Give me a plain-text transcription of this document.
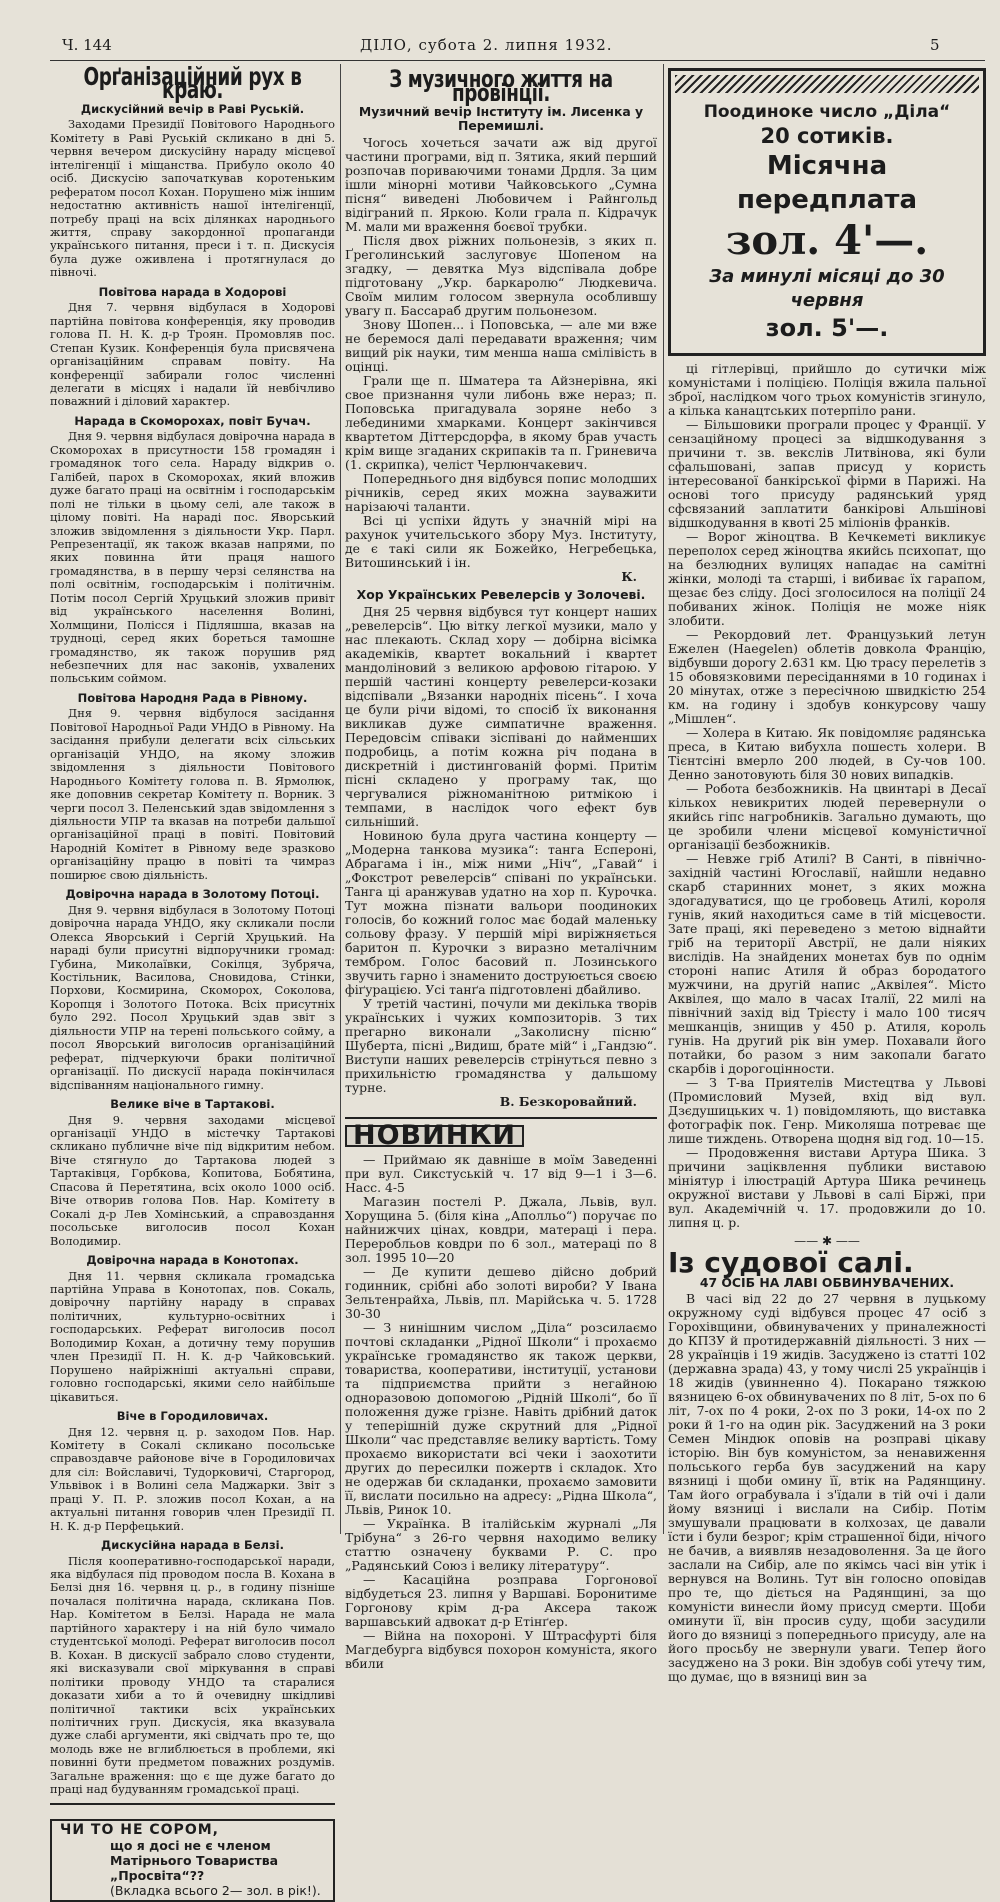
Ч. 144	ДІЛО, субота 2. липня 1932.	5
Орґанізаційний рух в краю.
Дискусійний вечір в Раві Руській.

Заходами Президії Повітового Народнього Комітету в Раві Руській скликано в дні 5. червня вечером дискусійну нараду місцевої інтелігенції і міщанства. Прибуло около 40 осіб. Дискусію започаткував коротеньким рефератом посол Кохан. Порушено між іншим недостатню активність нашої інтелігенції, потребу праці на всіх ділянках народнього життя, справу закордонної пропаганди українського питання, преси і т. п. Дискусія була дуже оживлена і протягнулася до півночі.

Повітова нарада в Ходорові

Дня 7. червня відбулася в Ходорові партійна повітова конференція, яку проводив голова П. Н. К. д-р Троян. Промовляв пос. Степан Кузик. Конференція була присвячена організаційним справам повіту. На конференції забирали голос численні делегати в місцях і надали їй невбічливо поважний і діловий характер.

Нарада в Скоморохах, повіт Бучач.

Дня 9. червня відбулася довірочна нарада в Скоморохах в присутности 158 громадян і громадянок того села. Нараду відкрив о. Галібей, парох в Скоморохах, який вложив дуже багато праці на освітнім і господарськім полі не тільки в цьому селі, але також в цілому повіті. На нараді пос. Яворський зложив звідомлення з діяльности Укр. Парл. Репрезентації, як також вказав напрями, по яких повинна йти праця нашого громадянства, в в першу черзі селянства на полі освітнім, господарськім і політичнім. Потім посол Сергій Хруцький зложив привіт від українського населення Волині, Холмщини, Полісся і Підляшша, вказав на трудноці, серед яких бореться тамошне громадянство, як також порушив ряд небезпечних для нас законів, ухвалених польським соймом.

Повітова Народня Рада в Рівному.

Дня 9. червня відбулося засідання Повітової Народньої Ради УНДО в Рівному. На засідання прибули делегати всіх сільських організацій УНДО, на якому зложив звідомлення з діяльности Повітового Народнього Комітету голова п. В. Ярмолюк, яке доповнив секретар Комітету п. Ворник. З черги посол З. Пеленський здав звідомлення з діяльности УПР та вказав на потреби дальшої організаційної праці в повіті. Повітовий Народній Комітет в Рівному веде зразково організаційну працю в повіті та чимраз поширює свою діяльність.

Довірочна нарада в Золотому Потоці.

Дня 9. червня відбулася в Золотому Потоці довірочна нарада УНДО, яку скликали посли Олекса Яворський і Сергій Хруцький. На нараді були присутні відпоручники громад: Губина, Миколаївки, Сокілця, Зубряча, Костільник, Василова, Сновидова, Стінки, Порхови, Космирина, Скоморох, Соколова, Коропця і Золотого Потока. Всіх присутніх було 292. Посол Хруцький здав звіт з діяльности УПР на терені польського сойму, а посол Яворський виголосив організаційний реферат, підчеркуючи браки політичної організації. По дискусії нарада покінчилася відспіванням національного гимну.

Велике віче в Тартакові.

Дня 9. червня заходами місцевої організації УНДО в містечку Тартакові скликано публичне віче під відкритим небом. Віче стягнуло до Тартакова людей з Тартаківця, Горбкова, Копитова, Бобятина, Спасова й Перетятина, всіх около 1000 осіб. Віче отворив голова Пов. Нар. Комітету в Сокалі д-р Лев Хомінський, а справоздання посольське виголосив посол Кохан Володимир.

Довірочна нарада в Конотопах.

Дня 11. червня скликала громадська партійна Управа в Конотопах, пов. Сокаль, довірочну партійну нараду в справах політичних, культурно-освітних і господарських. Реферат виголосив посол Володимир Кохан, а дотичну тему порушив член Президії П. Н. К. д-р Чайковський. Порушено найріжніші актуальні справи, головно господарські, якими село найбільше цікавиться.

Віче в Городиловичах.

Дня 12. червня ц. р. заходом Пов. Нар. Комітету в Сокалі скликано посольське справоздавче районове віче в Городиловичах для сіл: Войславичі, Тудорковичі, Старгород, Ульвівок і в Волині села Маджарки. Звіт з праці У. П. Р. зложив посол Кохан, а на актуальні питання говорив член Президії П. Н. К. д-р Перфецький.

Дискусійна нарада в Белзі.

Після кооперативно-господарської наради, яка відбулася під проводом посла В. Кохана в Белзі дня 16. червня ц. р., в годину пізніше почалася політична нарада, скликана Пов. Нар. Комітетом в Белзі. Нарада не мала партійного характеру і на ній було чимало студентської молоді. Реферат виголосив посол В. Кохан. В дискусії забрало слово студенти, які висказували свої міркування в справі політики проводу УНДО та старалися доказати хиби а то й очевидну шкідливі політичної тактики всіх українських політичних груп. Дискусія, яка вказувала дуже слабі аргументи, які свідчать про те, що молодь вже не вглиблюється в проблеми, які повинні бути предметом поважних роздумів. Загальне враження: що є ще дуже багато до праці над будуванням громадської праці.

ЧИ ТО НЕ СОРОМ,
що я досі не є членом Матірнього Товариства „Просвіта“??
(Вкладка всього 2— зол. в рік!).
З музичного життя на провінції.
Музичний вечір Інституту ім. Лисенка у Перемишлі.

Чогось хочеться зачати аж від другої частини програми, від п. Зятика, який перший розпочав пориваючими тонами Дрдля. За цим ішли мінорні мотиви Чайковського „Сумна пісня“ виведені Любовичем і Райнгольд відіграний п. Яркою. Коли грала п. Кідрачук М. мали ми враження боєвої трубки.

Після двох ріжних польонезів, з яких п. Ґреголинський заслуговує Шопеном на згадку, — девятка Муз відспівала добре підготовану „Укр. баркаролю“ Людкевича. Своїм милим голосом звернула особлившу увагу п. Бассараб другим польонезом.

Знову Шопен... і Поповська, — але ми вже не беремося далі передавати враження; чим вищий рік науки, тим менша наша смілівість в оцінці.

Грали ще п. Шматера та Айзнерівна, які свое признання чули либонь вже нераз; п. Поповська пригадувала зоряне небо з лебединими хмарками. Концерт закінчився квартетом Діттерсдорфа, в якому брав участь крім вище згаданих скрипаків та п. Гриневича (1. скрипка), челіст Черлюнчакевич.

Попереднього дня відбувся попис молодших річників, серед яких можна зауважити нарізаючі таланти.

Всі ці успіхи йдуть у значній мірі на рахунок учительського збору Муз. Інституту, де є такі сили як Божейко, Негребецька, Витошинський і ін.

К.
Хор Українських Ревелерсів у Золочеві.

Дня 25 червня відбувся тут концерт наших „ревелерсів“. Цю вітку легкої музики, мало у нас плекають. Склад хору — добірна вісімка академіків, квартет вокальний і квартет мандоліновий з великою арфовою гітарою. У першій частині концерту ревелерси-козаки відспівали „Вязанки народніх пісень“. І хоча це були річи відомі, то спосіб їх виконання викликав дуже симпатичне враження. Передовсім співаки зіспівані до найменших подробиць, а потім кожна річ подана в дискретній і дистингованій формі. Притім пісні складено у програму так, що чергувалися ріжноманітною ритмікою і темпами, в наслідок чого ефект був сильніший.

Новиною була друга частина концерту — „Модерна танкова музика“: танга Еспероні, Абрагама і ін., між ними „Ніч“, „Гавай“ і „Фокстрот ревелерсів“ співані по українськи. Танга ці аранжував удатно на хор п. Курочка. Тут можна пізнати вальори поодиноких голосів, бо кожний голос має бодай маленьку сольову фразу. У першій мірі виріжняється баритон п. Курочки з виразно металічним тембром. Голос басовий п. Лозинського звучить гарно і знаменито доструюється своєю фіґурацією. Усі танґа підготовлені дбайливо.

У третій частині, почули ми декілька творів українських і чужих композиторів. З тих прегарно виконали „Заколисну пісню“ Шуберта, пісні „Видиш, брате мій“ і „Гандзю“. Виступи наших ревелерсів стрінуться певно з прихильністю громадянства у дальшому турне.

В. Безкоровайний.
НОВИНКИ

— Приймаю як давніше в моїм Заведенні при вул. Сикстуській ч. 17 від 9—1 і 3—6. Насс. 4-5

Магазин постелі Р. Джала, Львів, вул. Хорущина 5. (біля кіна „Аполльо“) поручає по найнижчих цінах, ковдри, матераці і пера. Переробльов ковдри по 6 зол., матераці по 8 зол. 1995 10—20

— Де купити дешево дійсно добрий годинник, срібні або золоті вироби? У Івана Зельтенрайха, Львів, пл. Марійська ч. 5. 1728 30-30

— З нинішним числом „Діла“ розсилаємо почтові складанки „Рідної Школи“ і прохаємо українське громадянство як також церкви, товариства, кооперативи, інституції, установи та підприємства прийти з негайною одноразовою допомогою „Рідній Школі“, бо її положення дуже грізне. Навіть дрібний даток у теперішній дуже скрутний для „Рідної Школи“ час представляє велику вартість. Тому прохаємо використати всі чеки і заохотити других до пересилки пожертв і складок. Хто не одержав би складанки, прохаємо замовити її, вислати посильно на адресу: „Рідна Школа“, Львів, Ринок 10.

— Українка. В італійськім журналі „Ля Трібуна“ з 26-го червня находимо велику статтю означену буквами Р. С. про „Радянський Союз і велику літературу“.

— Касаційна розправа Горгонової відбудеться 23. липня у Варшаві. Боронитиме Горгонову крім д-ра Аксера також варшавський адвокат д-р Етінґер.

— Війна на похороні. У Штрасфурті біля Магдебурга відбувся похорон комуніста, якого вбили

Поодиноке число „Діла“
20 сотиків.
Місячна передплата
зол. 4'—.
За минулі місяці до 30 червня
зол. 5'—.

ці гітлерівці, прийшло до сутички між комуністами і поліцією. Поліція вжила пальної зброї, наслідком чого трьох комуністів згинуло, а кілька канацтських потерпіло рани.

— Більшовики програли процес у Франції. У сензаційному процесі за відшкодування з причини т. зв. векслів Литвінова, які були сфальшовані, запав присуд у користь інтересованої банкірської фірми в Парижі. На основі того присуду радянський уряд сфсвязаний заплатити банкірові Альшінові відшкодування в квоті 25 міліонів франків.

— Ворог жіноцтва. В Кечкеметі викликує переполох серед жіноцтва якийсь психопат, що на безлюдних вулицях нападає на самітні жінки, молоді та старші, і вибиває їх гарапом, щезає без сліду. Досі зголосилося на поліції 24 побиваних жінок. Поліція не може ніяк злобити.

— Рекордовий лет. Французький летун Ежелен (Haegelen) облетів довкола Францію, відбувши дорогу 2.631 км. Цю трасу перелетів з 15 обовязковими пересіданнями в 10 годинах і 20 мінутах, отже з пересічною швидкістю 254 км. на годину і здобув конкурсову чашу „Мішлен“.

— Холера в Китаю. Як повідомляє радянська преса, в Китаю вибухла пошесть холери. В Тієнтсіні вмерло 200 людей, в Су-чов 100. Денно занотовують біля 30 нових випадків.

— Робота безбожників. На цвинтарі в Десаї кількох невикритих людей перевернули о якийсь гіпс нагробників. Загально думають, що це зробили члени місцевої комуністичної організації безбожників.

— Невже гріб Атилі? В Санті, в північно-західній частині Югославії, найшли недавно скарб старинних монет, з яких можна здогадуватися, що це гробовець Атилі, короля гунів, який находиться саме в тій місцевости. Зате праці, які переведено з метою віднайти гріб на території Австрії, не дали ніяких вислідів. На знайдених монетах був по однім стороні напис Атиля й образ бородатого мужчини, на другій напис „Аквілея“. Місто Аквілея, що мало в часах Італії, 22 милі на північний захід від Трієсту і мало 100 тисяч мешканців, знищив у 450 р. Атиля, король гунів. На другий рік він умер. Похавали його потайки, бо разом з ним закопали багато скарбів і дорогоцінности.

— З Т-ва Приятелів Мистецтва у Львові (Промисловий Музей, вхід від вул. Дзєдушицьких ч. 1) повідомляють, що виставка фотографік пок. Генр. Миколяша потреває ще лише тиждень. Отворена щодня від год. 10—15.

— Продовження вистави Артура Шика. З причини заціквлення публики виставою мініятур і ілюстрацій Артура Шика речинець окружної вистави у Львові в салі Біржі, при вул. Академічній ч. 17. продовжили до 10. липня ц. р.

—— ✱ ——
Із судової салі.
47 ОСІБ НА ЛАВІ ОБВИНУВАЧЕНИХ.

В часі від 22 до 27 червня в луцькому окружному суді відбувся процес 47 осіб з Горохівщини, обвинувачених у приналежності до КПЗУ й протидержавній діяльності. З них — 28 українців і 19 жидів. Засуджено із статті 102 (державна зрада) 43, у тому числі 25 українців і 18 жидів (увинненно 4). Покарано тяжкою вязницею 6-ох обвинувачених по 8 літ, 5-ох по 6 літ, 7-ох по 4 роки, 2-ох по 3 роки, 14-ох по 2 роки й 1-го на один рік. Засуджений на 3 роки Семен Міндюк оповів на розправі цікаву історію. Він був комуністом, за ненавиження польського герба був засуджений на кару вязниці і щоби омину її, втік на Радянщину. Там його ограбувала і з'їдали в тій очі і дали йому вязниці і вислали на Сибір. Потім змушували працювати в колхозах, це давали їсти і були безрог; крім страшенної біди, нічого не бачив, а виявляв незадоволення. За це його заслали на Сибір, але по якімсь часі він утік і вернувся на Волинь. Тут він голосно оповідав про те, що діється на Радянщині, за що комуністи винесли йому присуд смерти. Щоби оминути її, він просив суду, щоби засудили його до вязниці з попереднього присуду, але на його просьбу не звернули уваги. Тепер його засуджено на 3 роки. Він здобув собі утечу тим, що думає, що в вязниці вин за
